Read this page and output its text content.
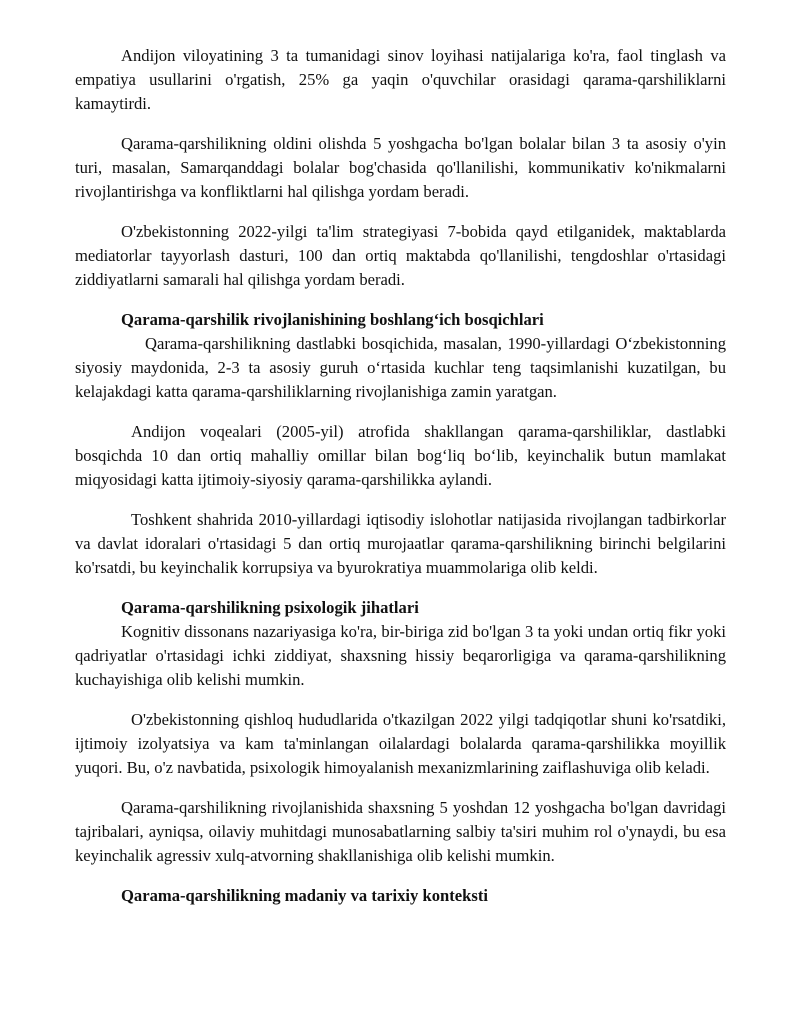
Andijon viloyatining 3 ta tumanidagi sinov loyihasi natijalariga ko'ra, faol tinglash va empatiya usullarini o'rgatish, 25% ga yaqin o'quvchilar orasidagi qarama-qarshiliklarni kamaytirdi.

Qarama-qarshilikning oldini olishda 5 yoshgacha bo'lgan bolalar bilan 3 ta asosiy o'yin turi, masalan, Samarqanddagi bolalar bog'chasida qo'llanilishi, kommunikativ ko'nikmalarni rivojlantirishga va konfliktlarni hal qilishga yordam beradi.

O'zbekistonning 2022-yilgi ta'lim strategiyasi 7-bobida qayd etilganidek, maktablarda mediatorlar tayyorlash dasturi, 100 dan ortiq maktabda qo'llanilishi, tengdoshlar o'rtasidagi ziddiyatlarni samarali hal qilishga yordam beradi.

Qarama-qarshilik rivojlanishining boshlang‘ich bosqichlari

Qarama-qarshilikning dastlabki bosqichida, masalan, 1990-yillardagi O‘zbekistonning siyosiy maydonida, 2-3 ta asosiy guruh o‘rtasida kuchlar teng taqsimlanishi kuzatilgan, bu kelajakdagi katta qarama-qarshiliklarning rivojlanishiga zamin yaratgan.

Andijon voqealari (2005-yil) atrofida shakllangan qarama-qarshiliklar, dastlabki bosqichda 10 dan ortiq mahalliy omillar bilan bog‘liq bo‘lib, keyinchalik butun mamlakat miqyosidagi katta ijtimoiy-siyosiy qarama-qarshilikka aylandi.

Toshkent shahrida 2010-yillardagi iqtisodiy islohotlar natijasida rivojlangan tadbirkorlar va davlat idoralari o'rtasidagi 5 dan ortiq murojaatlar qarama-qarshilikning birinchi belgilarini ko'rsatdi, bu keyinchalik korrupsiya va byurokratiya muammolariga olib keldi.

Qarama-qarshilikning psixologik jihatlari

Kognitiv dissonans nazariyasiga ko'ra, bir-biriga zid bo'lgan 3 ta yoki undan ortiq fikr yoki qadriyatlar o'rtasidagi ichki ziddiyat, shaxsning hissiy beqarorligiga va qarama-qarshilikning kuchayishiga olib kelishi mumkin.

O'zbekistonning qishloq hududlarida o'tkazilgan 2022 yilgi tadqiqotlar shuni ko'rsatdiki, ijtimoiy izolyatsiya va kam ta'minlangan oilalardagi bolalarda qarama-qarshilikka moyillik yuqori. Bu, o'z navbatida, psixologik himoyalanish mexanizmlarining zaiflashuviga olib keladi.

Qarama-qarshilikning rivojlanishida shaxsning 5 yoshdan 12 yoshgacha bo'lgan davridagi tajribalari, ayniqsa, oilaviy muhitdagi munosabatlarning salbiy ta'siri muhim rol o'ynaydi, bu esa keyinchalik agressiv xulq-atvorning shakllanishiga olib kelishi mumkin.

Qarama-qarshilikning madaniy va tarixiy konteksti
